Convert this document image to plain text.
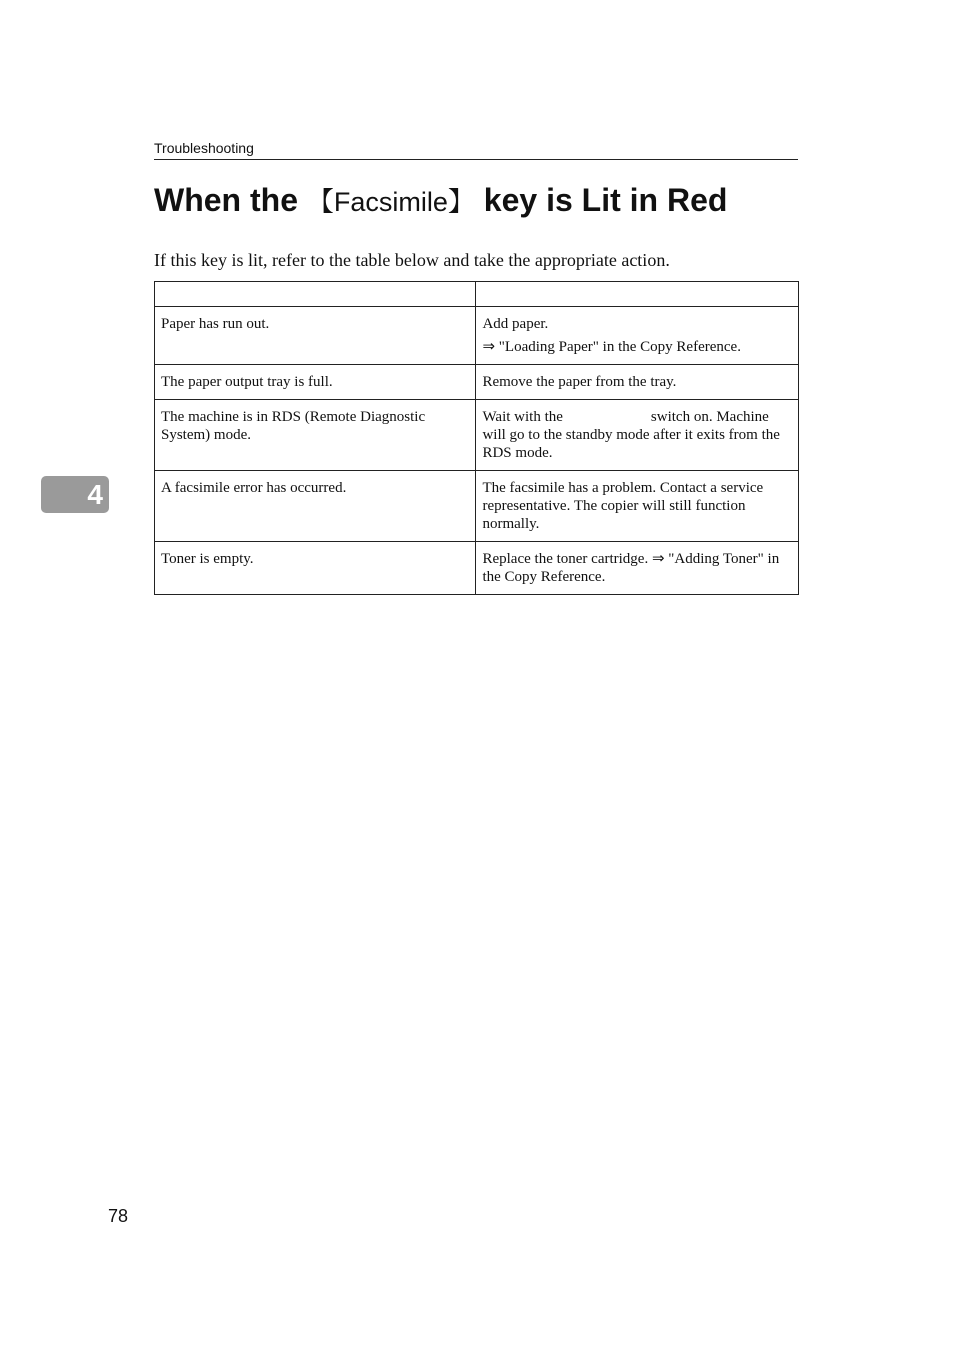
Troubleshooting
When the 【Facsimile】 key is Lit in Red

If this key is lit, refer to the table below and take the appropriate action.

Paper has run out.	Add paper.
⇒ "Loading Paper" in the Copy Reference.

The paper output tray is full.	Remove the paper from the tray.
The machine is in RDS (Remote Diagnostic System) mode.	Wait with the switch on. Machine will go to the standby mode after it exits from the RDS mode.
A facsimile error has occurred.	The facsimile has a problem. Contact a service representative. The copier will still function normally.
Toner is empty.	Replace the toner cartridge. ⇒ "Adding Toner" in the Copy Reference.
4
78
